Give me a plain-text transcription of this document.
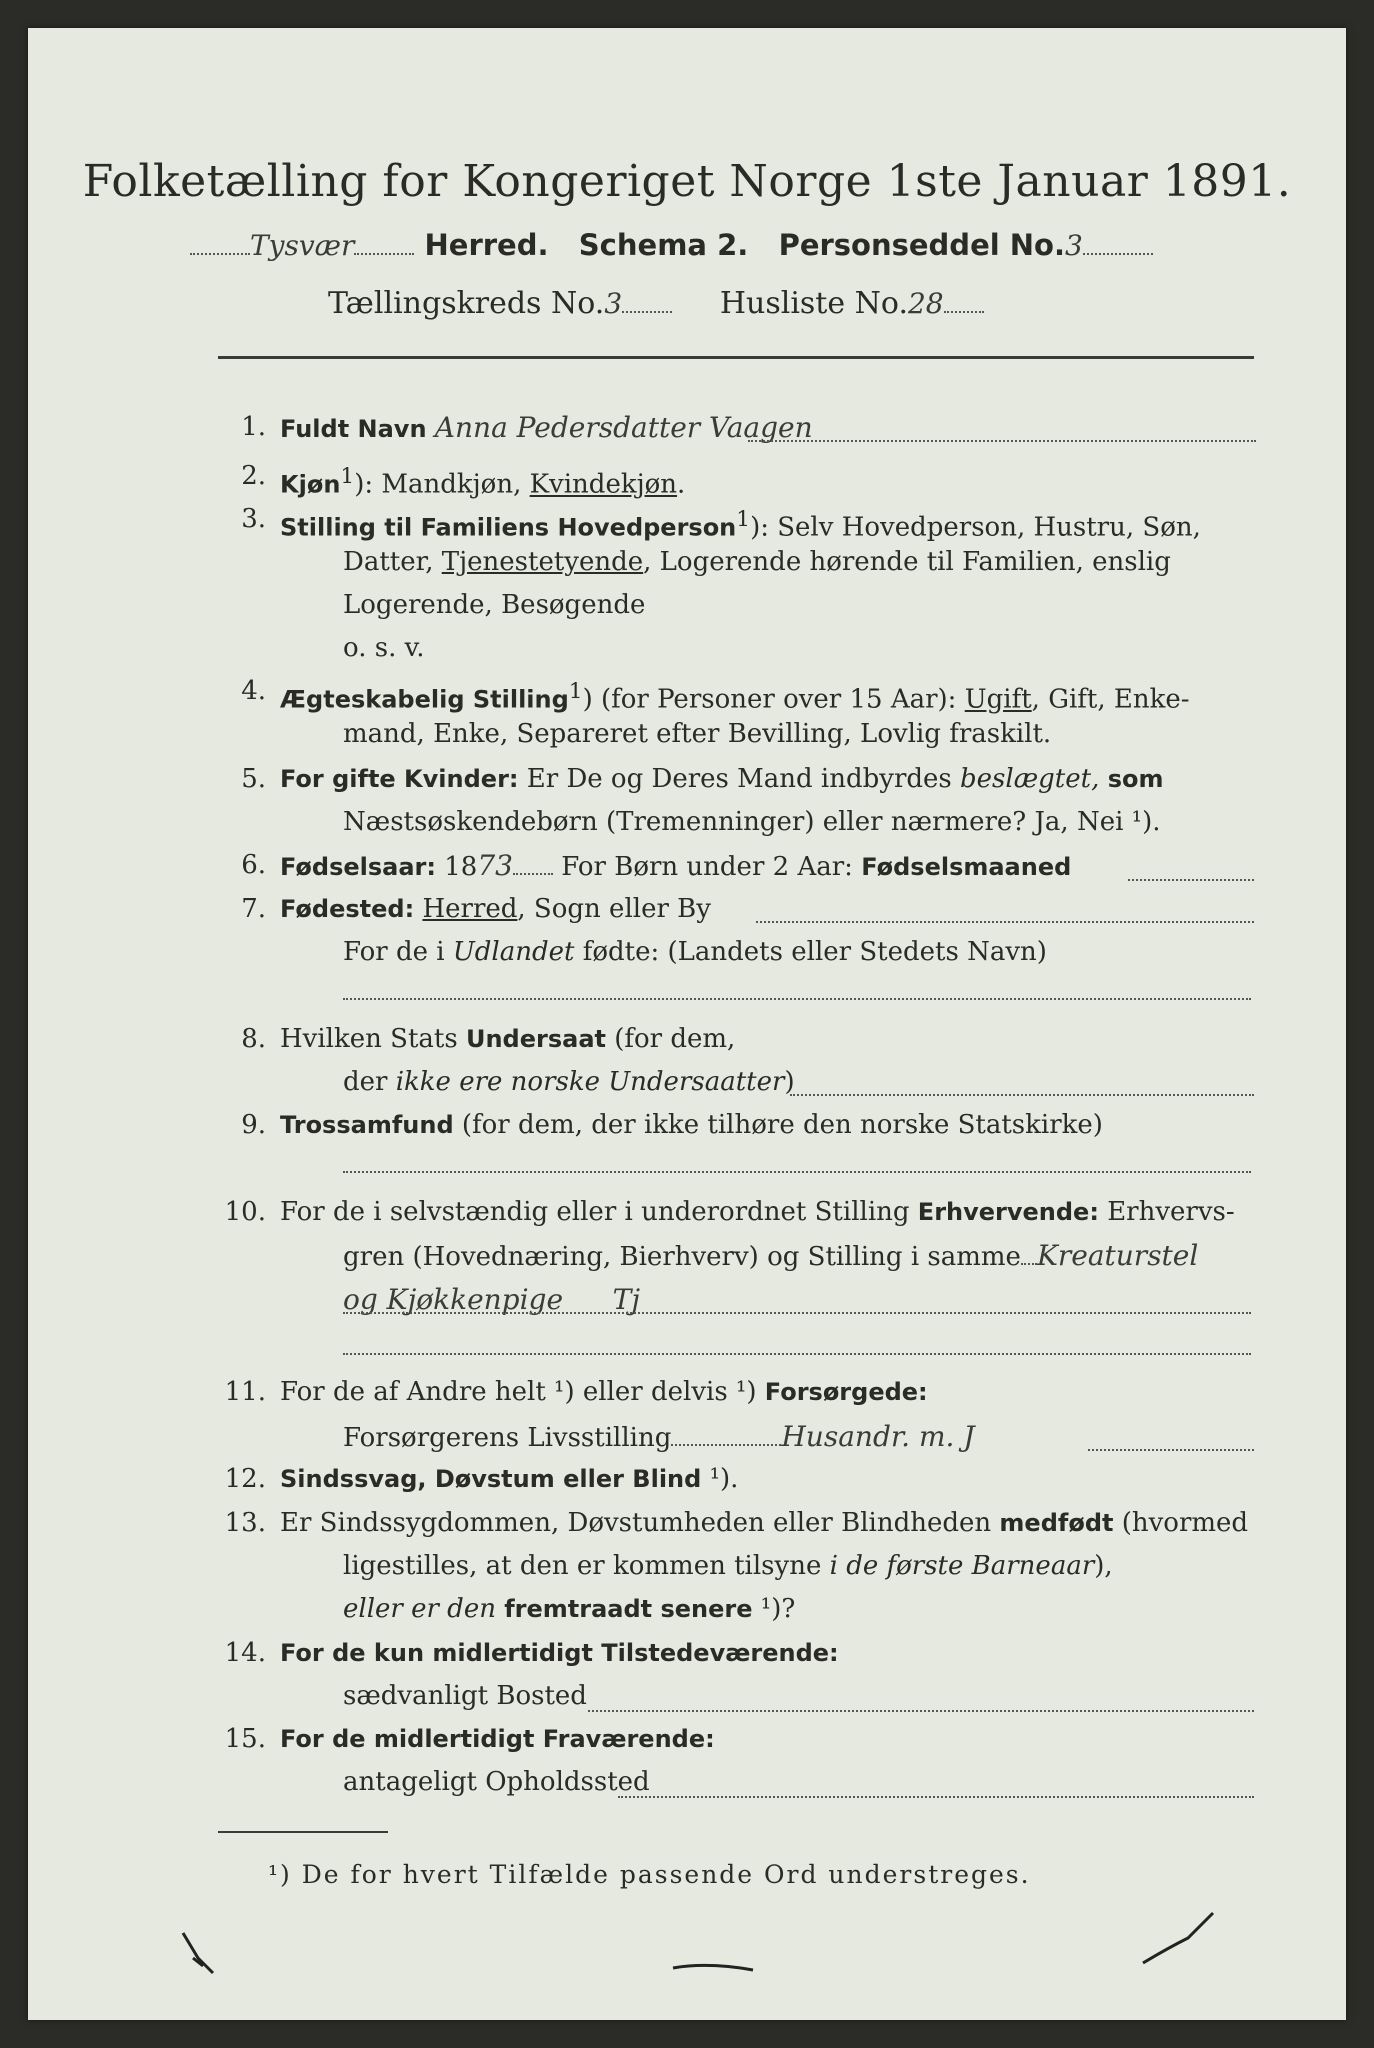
Folketælling for Kongeriget Norge 1ste Januar 1891.
Tysvær Herred. Schema 2. Personseddel No.3
Tællingskreds No.3	Husliste No.28
1. Fuldt Navn Anna Pedersdatter Vaagen
2. Kjøn$^1$): Mandkjøn, Kvindekjøn.
3. Stilling til Familiens Hovedperson$^1$): Selv Hovedperson, Hustru, Søn,
Datter, Tjenestetyende, Logerende hørende til Familien, enslig
Logerende, Besøgende
o. s. v.
4. Ægteskabelig Stilling$^1$) (for Personer over 15 Aar): Ugift, Gift, Enke-
mand, Enke, Separeret efter Bevilling, Lovlig fraskilt.
5. For gifte Kvinder: Er De og Deres Mand indbyrdes beslægtet, som
Næstsøskendebørn (Tremenninger) eller nærmere? Ja, Nei ¹).
6. Fødselsaar: 1873 For Børn under 2 Aar: Fødselsmaaned
7. Fødested: Herred, Sogn eller By
For de i Udlandet fødte: (Landets eller Stedets Navn)
8. Hvilken Stats Undersaat (for dem,
der ikke ere norske Undersaatter)
9. Trossamfund (for dem, der ikke tilhøre den norske Statskirke)
10. For de i selvstændig eller i underordnet Stilling Erhvervende: Erhvervs-
gren (Hovednæring, Bierhverv) og Stilling i samme Kreaturstel
og Kjøkkenpige Tj
11. For de af Andre helt ¹) eller delvis ¹) Forsørgede:
Forsørgerens Livsstilling	Husandr. m. J
12. Sindssvag, Døvstum eller Blind ¹).
13. Er Sindssygdommen, Døvstumheden eller Blindheden medfødt (hvormed
ligestilles, at den er kommen tilsyne i de første Barneaar),
eller er den fremtraadt senere ¹)?
14. For de kun midlertidigt Tilstedeværende:
sædvanligt Bosted
15. For de midlertidigt Fraværende:
antageligt Opholdssted
¹) De for hvert Tilfælde passende Ord understreges.
